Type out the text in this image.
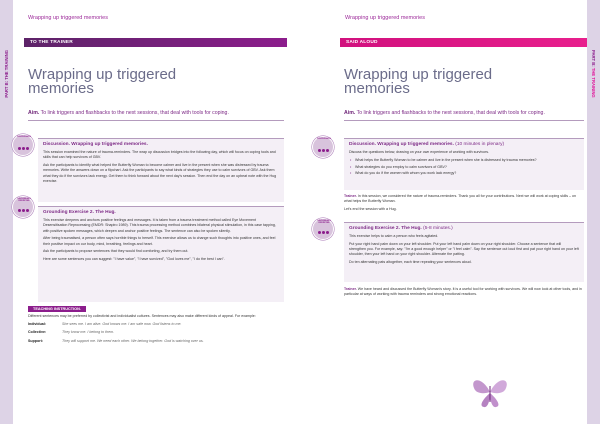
PART B: THE TRAINING
Wrapping up triggered memories
TO THE TRAINER
Wrapping up triggered
memories
Aim. To link triggers and flashbacks to the next sessions, that deal with tools for coping.
DISCUSSION
Discussion. Wrapping up triggered memories.

This session examined the nature of trauma-reminders. The wrap up discussion bridges into the following day, which will focus on coping tools and skills that can help survivors of GBV.

Ask the participants to identify what helped the Butterfly Woman to become calmer and live in the present when she was distressed by trauma memories. Write the answers down on a flipchart. Ask the participants to say what kinds of strategies they use to calm survivors of GBV. Ask them what they do if the survivors lack energy. Get them to think forward about the next day's session. Then end the day on an upbeat note with the Hug exercise.

GROUNDING EXERCISE
Grounding Exercise 2. The Hug.

This exercise deepens and anchors positive feelings and messages. It is taken from a trauma treatment method called Eye Movement Desensitisation Reprocessing (EMDR: Shapiro 1989). This trauma processing method combines bilateral physical stimulation, in this case tapping, with positive spoken messages, which deepen and anchor positive feelings. The sentence can also be spoken silently.

After being traumatised, a person often says horrible things to herself. This exercise allows us to change such thoughts into positive ones, and feel their positive impact on our body, mind, breathing, feelings and heart.

Ask the participants to propose sentences that they would find comforting, and try them out.

Here are some sentences you can suggest: "I have value", "I have survived", "God loves me", "I do the best I can".

TEACHING INSTRUCTION.

Different sentences may be preferred by collectivist and individualist cultures. Sentences may also make different kinds of appeal. For example:

Individual:	She sees me. I am alive. God knows me. I am safe now. God listens to me.
Collective:	They know me. I belong to them.
Support:	They will support me. We need each other. We belong together. God is watching over us.
PART B: THE TRAINING
Wrapping up triggered memories
SAID ALOUD
Wrapping up triggered
memories
Aim. To link triggers and flashbacks to the next sessions, that deal with tools for coping.
DISCUSSION
Discussion. Wrapping up triggered memories. (10 minutes in plenary)

Discuss the questions below, drawing on your own experience of working with survivors.

• What helps the Butterfly Woman to be calmer and live in the present when she is distressed by trauma memories?
• What strategies do you employ to calm survivors of GBV?
• What do you do if the women with whom you work lack energy?

Trainer. In this session, we considered the nature of trauma-reminders. Thank you all for your contributions. Next we will work at coping skills – on what helps the Butterfly Woman.

Let's end the session with a Hug.

GROUNDING EXERCISE
Grounding Exercise 2. The Hug. (5-8 minutes.)

This exercise helps to calm a person who feels agitated.

Put your right hand palm down on your left shoulder. Put your left hand palm down on your right shoulder. Choose a sentence that will strengthen you. For example, say: "I'm a good enough helper" or "I feel calm". Say the sentence out loud first and pat your right hand on your left shoulder, then your left hand on your right shoulder. Alternate the patting.

Do ten alternating pats altogether, each time repeating your sentences aloud.

Trainer. We have heard and discussed the Butterfly Woman's story. It is a useful tool for working with survivors. We will now look at other tools, and in particular at ways of working with trauma reminders and strong emotional reactions.
